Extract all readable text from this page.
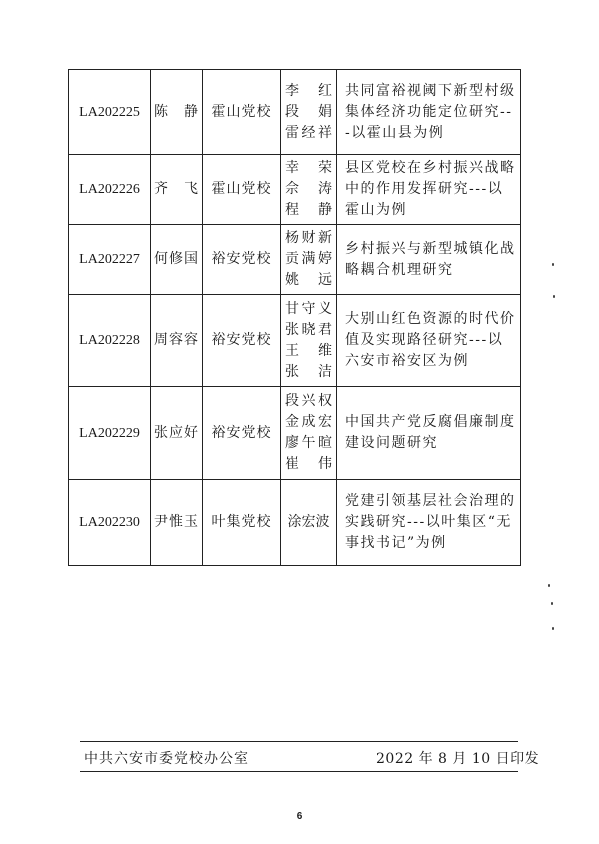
LA202225	陈　静	霍山党校	李　红
段　娟
雷经祥	共同富裕视阈下新型村级集体经济功能定位研究---以霍山县为例
LA202226	齐　飞	霍山党校	幸　荣
佘　涛
程　静	县区党校在乡村振兴战略中的作用发挥研究---以霍山为例
LA202227	何修国	裕安党校	杨财新
贡满婷
姚　远	乡村振兴与新型城镇化战略耦合机理研究
LA202228	周容容	裕安党校	甘守义
张晓君
王　维
张　洁	大别山红色资源的时代价值及实现路径研究---以六安市裕安区为例
LA202229	张应好	裕安党校	段兴权
金成宏
廖午暄
崔　伟	中国共产党反腐倡廉制度建设问题研究
LA202230	尹惟玉	叶集党校	涂宏波	党建引领基层社会治理的实践研究---以叶集区“无事找书记”为例
中共六安市委党校办公室	2022 年 8 月 10 日印发
6
